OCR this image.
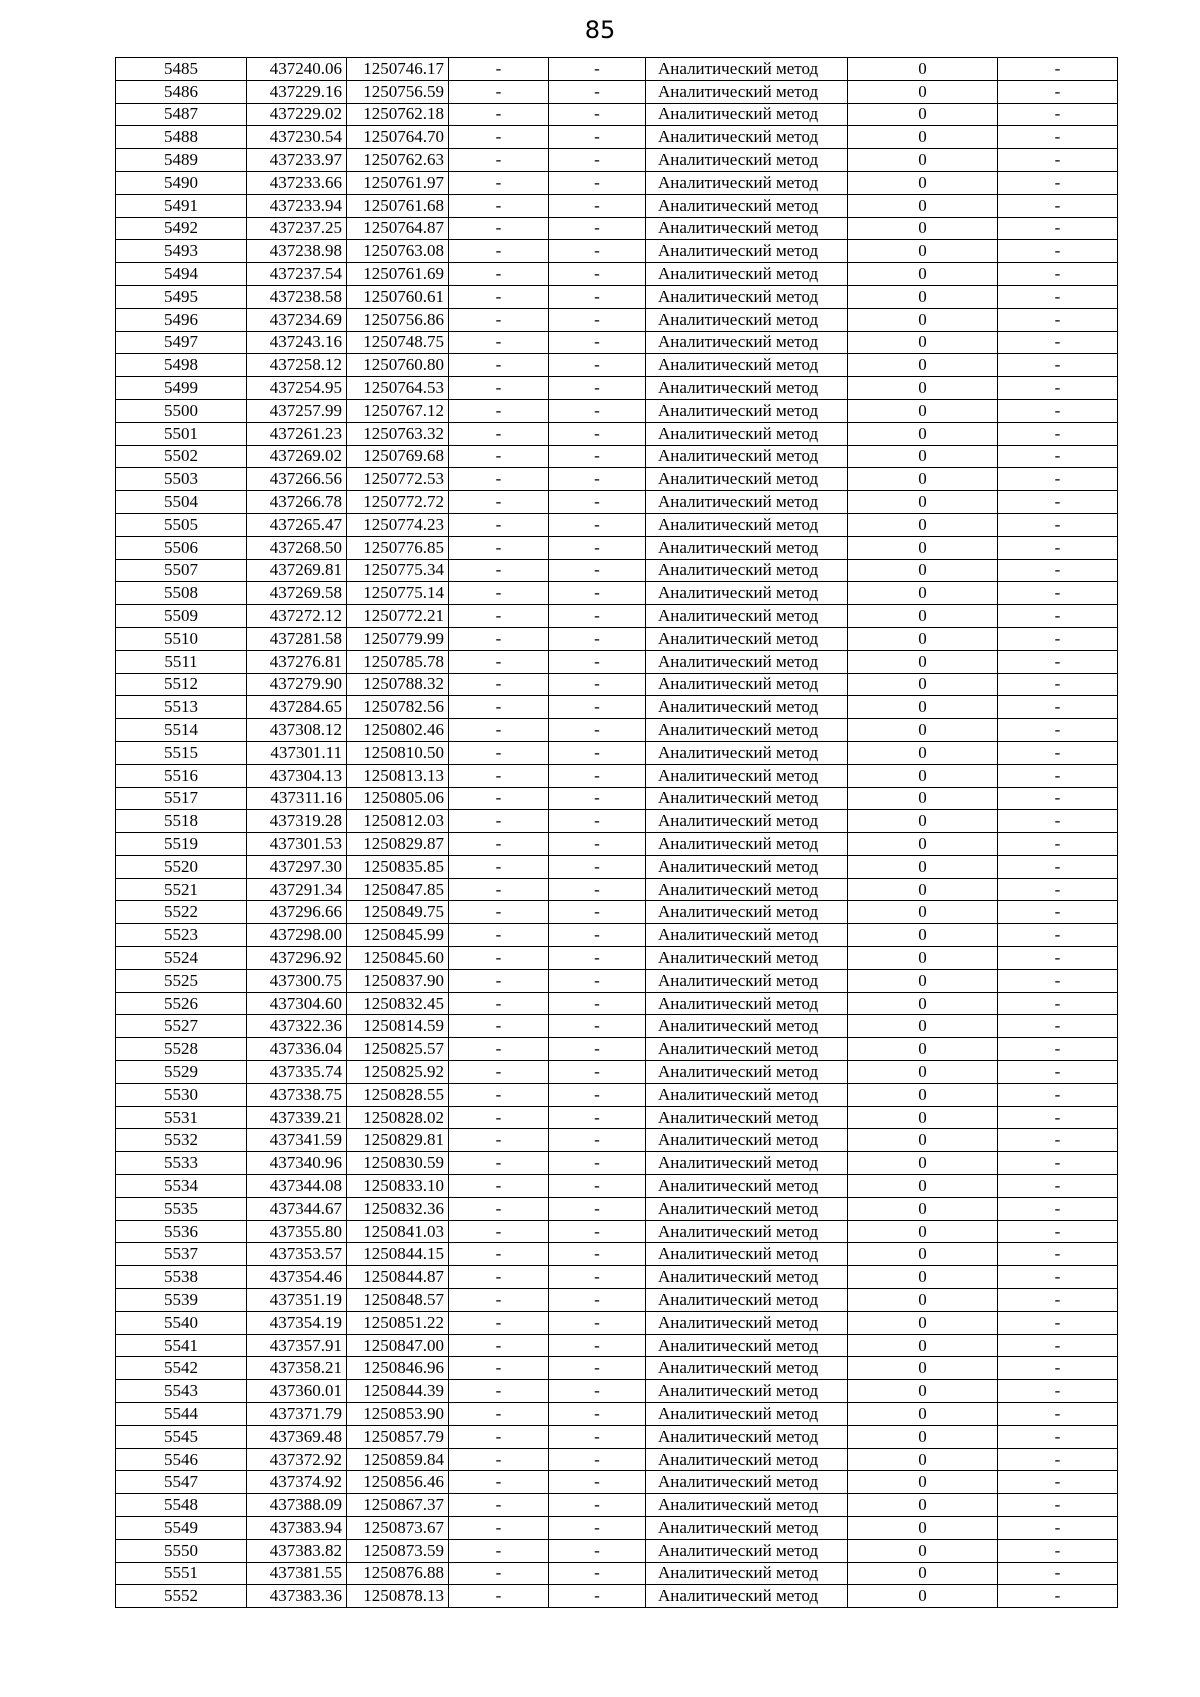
85
5485	437240.06	1250746.17	-	-	Аналитический метод	0	-
5486	437229.16	1250756.59	-	-	Аналитический метод	0	-
5487	437229.02	1250762.18	-	-	Аналитический метод	0	-
5488	437230.54	1250764.70	-	-	Аналитический метод	0	-
5489	437233.97	1250762.63	-	-	Аналитический метод	0	-
5490	437233.66	1250761.97	-	-	Аналитический метод	0	-
5491	437233.94	1250761.68	-	-	Аналитический метод	0	-
5492	437237.25	1250764.87	-	-	Аналитический метод	0	-
5493	437238.98	1250763.08	-	-	Аналитический метод	0	-
5494	437237.54	1250761.69	-	-	Аналитический метод	0	-
5495	437238.58	1250760.61	-	-	Аналитический метод	0	-
5496	437234.69	1250756.86	-	-	Аналитический метод	0	-
5497	437243.16	1250748.75	-	-	Аналитический метод	0	-
5498	437258.12	1250760.80	-	-	Аналитический метод	0	-
5499	437254.95	1250764.53	-	-	Аналитический метод	0	-
5500	437257.99	1250767.12	-	-	Аналитический метод	0	-
5501	437261.23	1250763.32	-	-	Аналитический метод	0	-
5502	437269.02	1250769.68	-	-	Аналитический метод	0	-
5503	437266.56	1250772.53	-	-	Аналитический метод	0	-
5504	437266.78	1250772.72	-	-	Аналитический метод	0	-
5505	437265.47	1250774.23	-	-	Аналитический метод	0	-
5506	437268.50	1250776.85	-	-	Аналитический метод	0	-
5507	437269.81	1250775.34	-	-	Аналитический метод	0	-
5508	437269.58	1250775.14	-	-	Аналитический метод	0	-
5509	437272.12	1250772.21	-	-	Аналитический метод	0	-
5510	437281.58	1250779.99	-	-	Аналитический метод	0	-
5511	437276.81	1250785.78	-	-	Аналитический метод	0	-
5512	437279.90	1250788.32	-	-	Аналитический метод	0	-
5513	437284.65	1250782.56	-	-	Аналитический метод	0	-
5514	437308.12	1250802.46	-	-	Аналитический метод	0	-
5515	437301.11	1250810.50	-	-	Аналитический метод	0	-
5516	437304.13	1250813.13	-	-	Аналитический метод	0	-
5517	437311.16	1250805.06	-	-	Аналитический метод	0	-
5518	437319.28	1250812.03	-	-	Аналитический метод	0	-
5519	437301.53	1250829.87	-	-	Аналитический метод	0	-
5520	437297.30	1250835.85	-	-	Аналитический метод	0	-
5521	437291.34	1250847.85	-	-	Аналитический метод	0	-
5522	437296.66	1250849.75	-	-	Аналитический метод	0	-
5523	437298.00	1250845.99	-	-	Аналитический метод	0	-
5524	437296.92	1250845.60	-	-	Аналитический метод	0	-
5525	437300.75	1250837.90	-	-	Аналитический метод	0	-
5526	437304.60	1250832.45	-	-	Аналитический метод	0	-
5527	437322.36	1250814.59	-	-	Аналитический метод	0	-
5528	437336.04	1250825.57	-	-	Аналитический метод	0	-
5529	437335.74	1250825.92	-	-	Аналитический метод	0	-
5530	437338.75	1250828.55	-	-	Аналитический метод	0	-
5531	437339.21	1250828.02	-	-	Аналитический метод	0	-
5532	437341.59	1250829.81	-	-	Аналитический метод	0	-
5533	437340.96	1250830.59	-	-	Аналитический метод	0	-
5534	437344.08	1250833.10	-	-	Аналитический метод	0	-
5535	437344.67	1250832.36	-	-	Аналитический метод	0	-
5536	437355.80	1250841.03	-	-	Аналитический метод	0	-
5537	437353.57	1250844.15	-	-	Аналитический метод	0	-
5538	437354.46	1250844.87	-	-	Аналитический метод	0	-
5539	437351.19	1250848.57	-	-	Аналитический метод	0	-
5540	437354.19	1250851.22	-	-	Аналитический метод	0	-
5541	437357.91	1250847.00	-	-	Аналитический метод	0	-
5542	437358.21	1250846.96	-	-	Аналитический метод	0	-
5543	437360.01	1250844.39	-	-	Аналитический метод	0	-
5544	437371.79	1250853.90	-	-	Аналитический метод	0	-
5545	437369.48	1250857.79	-	-	Аналитический метод	0	-
5546	437372.92	1250859.84	-	-	Аналитический метод	0	-
5547	437374.92	1250856.46	-	-	Аналитический метод	0	-
5548	437388.09	1250867.37	-	-	Аналитический метод	0	-
5549	437383.94	1250873.67	-	-	Аналитический метод	0	-
5550	437383.82	1250873.59	-	-	Аналитический метод	0	-
5551	437381.55	1250876.88	-	-	Аналитический метод	0	-
5552	437383.36	1250878.13	-	-	Аналитический метод	0	-
